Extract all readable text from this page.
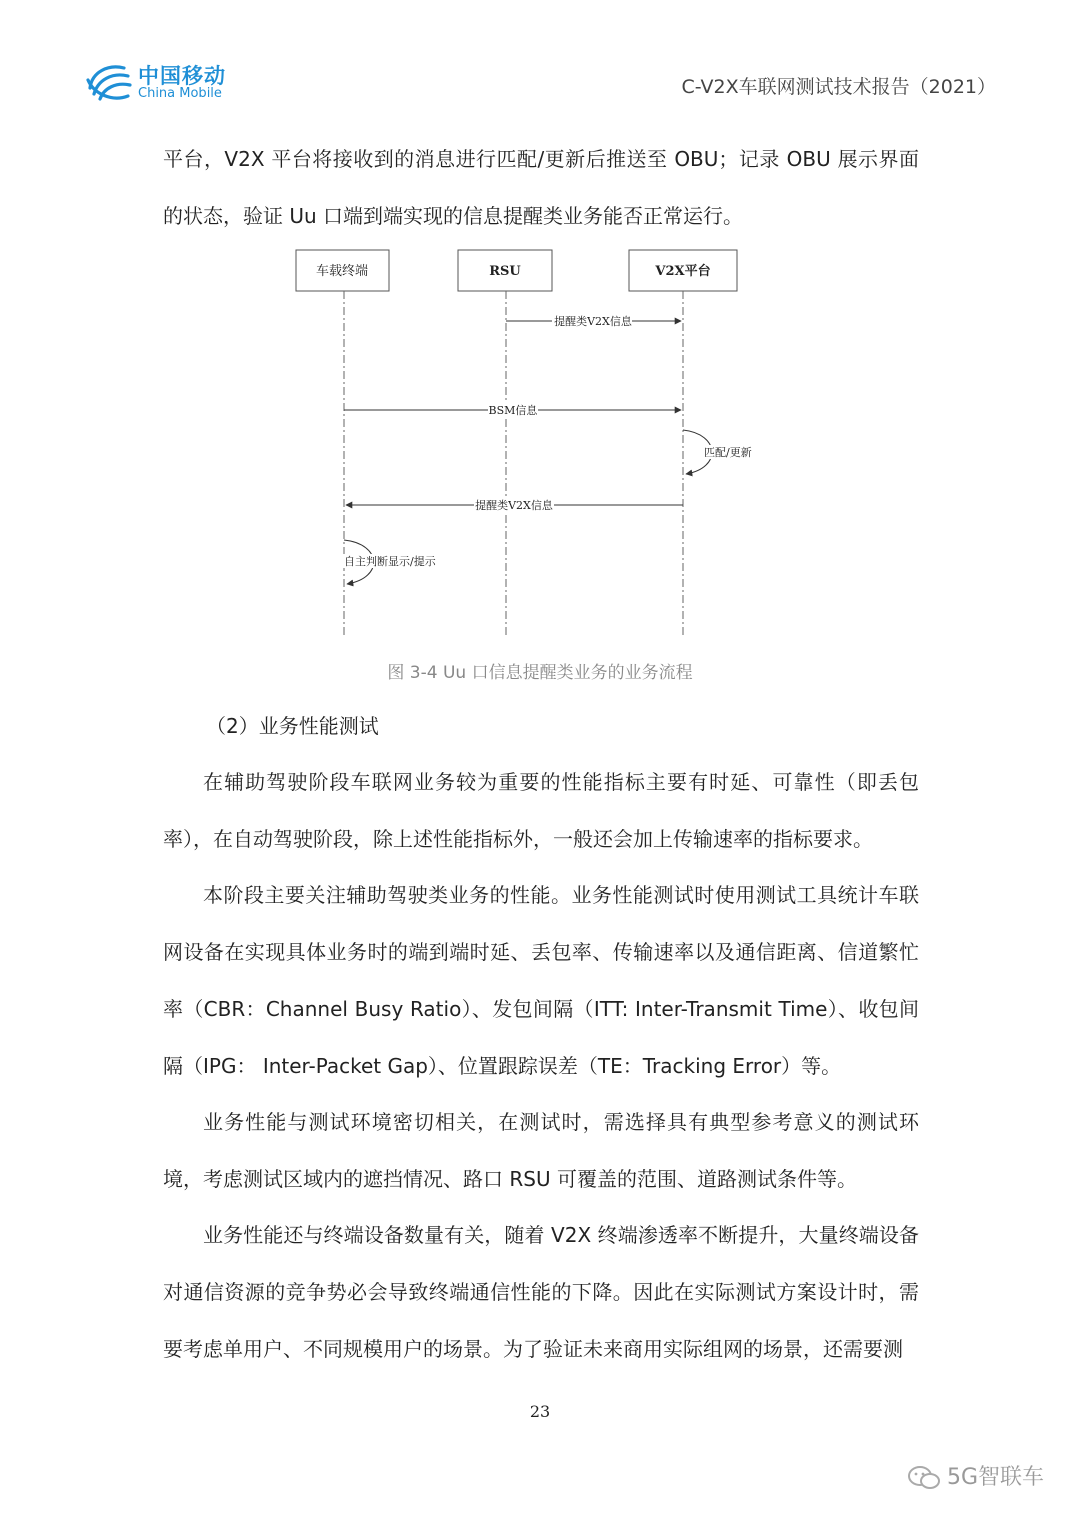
中国移动
China Mobile	C-V2X车联网测试技术报告（2021）

平台，V2X 平台将接收到的消息进行匹配/更新后推送至 OBU；记录 OBU 展示界面的状态，验证 Uu 口端到端实现的信息提醒类业务能否正常运行。

车载终端	RSU	V2X平台
提醒类V2X信息
BSM信息
匹配/更新
提醒类V2X信息
自主判断显示/提示
图 3-4 Uu 口信息提醒类业务的业务流程
（2）业务性能测试

在辅助驾驶阶段车联网业务较为重要的性能指标主要有时延、可靠性（即丢包率），在自动驾驶阶段，除上述性能指标外，一般还会加上传输速率的指标要求。

本阶段主要关注辅助驾驶类业务的性能。业务性能测试时使用测试工具统计车联网设备在实现具体业务时的端到端时延、丢包率、传输速率以及通信距离、信道繁忙率（CBR：Channel Busy Ratio）、发包间隔（ITT: Inter-Transmit Time）、收包间隔（IPG： Inter-Packet Gap）、位置跟踪误差（TE：Tracking Error）等。

业务性能与测试环境密切相关，在测试时，需选择具有典型参考意义的测试环境，考虑测试区域内的遮挡情况、路口 RSU 可覆盖的范围、道路测试条件等。

业务性能还与终端设备数量有关，随着 V2X 终端渗透率不断提升，大量终端设备对通信资源的竞争势必会导致终端通信性能的下降。因此在实际测试方案设计时，需要考虑单用户、不同规模用户的场景。为了验证未来商用实际组网的场景，还需要测

23
5G智联车
